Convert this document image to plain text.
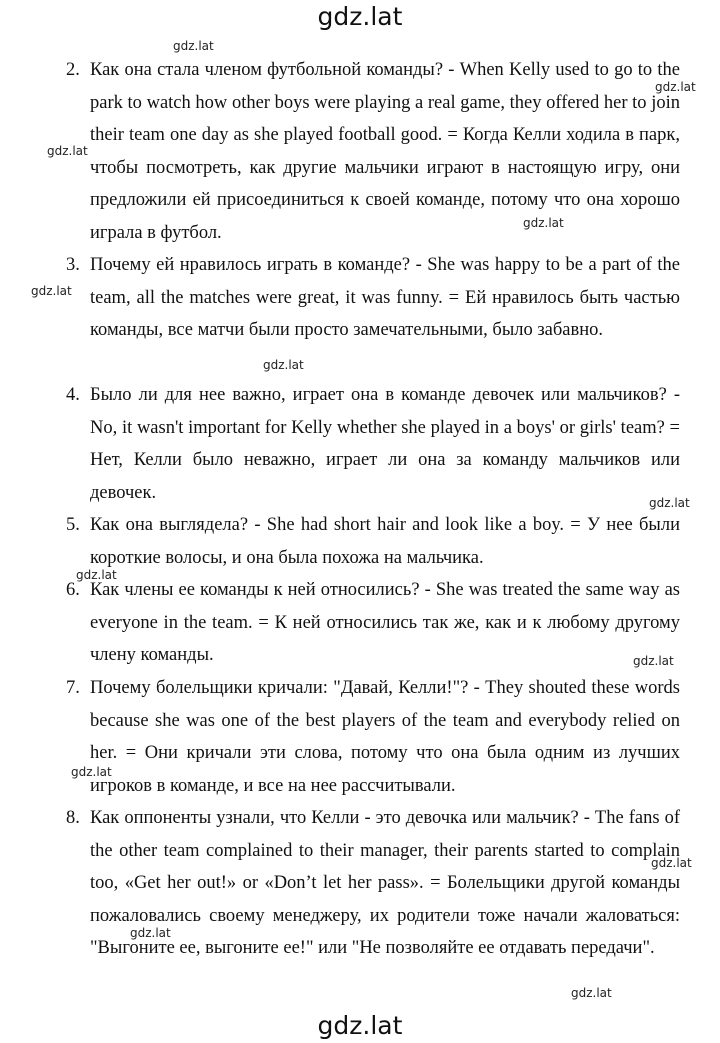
gdz.lat
2. Как она стала членом футбольной команды? - When Kelly used to go to the park to watch how other boys were playing a real game, they offered her to join their team one day as she played football good. = Когда Келли ходила в парк, чтобы посмотреть, как другие мальчики играют в настоящую игру, они предложили ей присоединиться к своей команде, потому что она хорошо играла в футбол.
3. Почему ей нравилось играть в команде? - She was happy to be a part of the team, all the matches were great, it was funny. = Ей нравилось быть частью команды, все матчи были просто замечательными, было забавно.
4. Было ли для нее важно, играет она в команде девочек или мальчиков? - No, it wasn't important for Kelly whether she played in a boys' or girls' team? = Нет, Келли было неважно, играет ли она за команду мальчиков или девочек.
5. Как она выглядела? - She had short hair and look like a boy. = У нее были короткие волосы, и она была похожа на мальчика.
6. Как члены ее команды к ней относились? - She was treated the same way as everyone in the team. = К ней относились так же, как и к любому другому члену команды.
7. Почему болельщики кричали: "Давай, Келли!"? - They shouted these words because she was one of the best players of the team and everybody relied on her. = Они кричали эти слова, потому что она была одним из лучших игроков в команде, и все на нее рассчитывали.
8. Как оппоненты узнали, что Келли - это девочка или мальчик? - The fans of the other team complained to their manager, their parents started to complain too, «Get her out!» or «Don’t let her pass». = Болельщики другой команды пожаловались своему менеджеру, их родители тоже начали жаловаться: "Выгоните ее, выгоните ее!" или "Не позволяйте ее отдавать передачи".
gdz.lat
gdz.lat
gdz.lat
gdz.lat
gdz.lat
gdz.lat
gdz.lat
gdz.lat
gdz.lat
gdz.lat
gdz.lat
gdz.lat
gdz.lat
gdz.lat
